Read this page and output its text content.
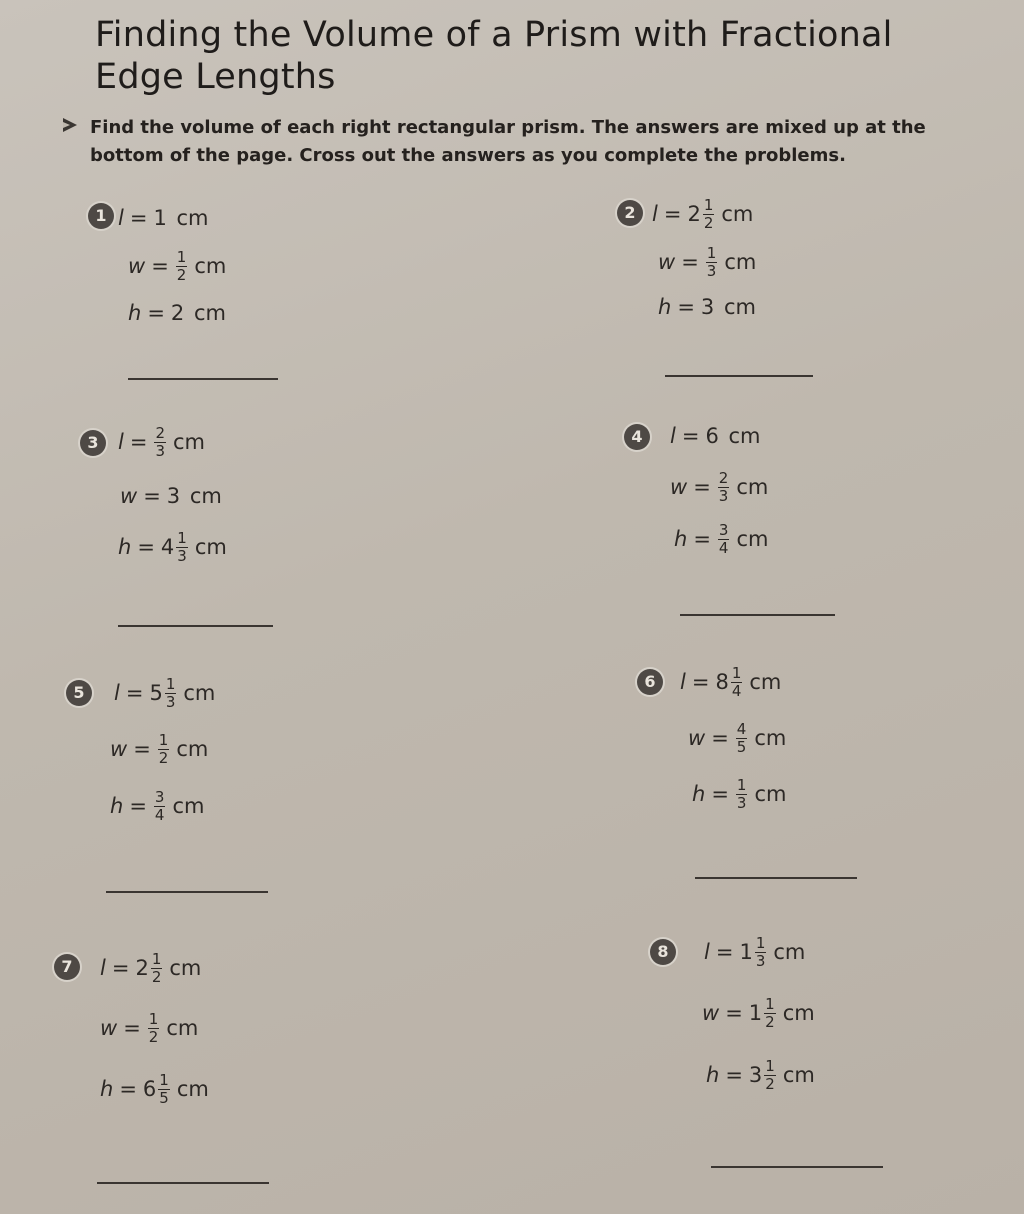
Finding the Volume of a Prism with Fractional Edge Lengths
Find the volume of each right rectangular prism. The answers are mixed up at the bottom of the page. Cross out the answers as you complete the problems.
1 l = 1
cm
$w = \frac{1}{2}$ cm
h = 2
cm
2 $l = 2 \frac{1}{2}$ cm
$w = \frac{1}{3}$ cm
h = 3
cm
3 $l = \frac{2}{3}$ cm
w = 3
cm
$h = 4 \frac{1}{3}$ cm
4	l = 6
cm
$w = \frac{2}{3}$ cm
$h = \frac{3}{4}$ cm
5	$l = 5 \frac{1}{3}$ cm
$w = \frac{1}{2}$ cm
$h = \frac{3}{4}$ cm
6	$l = 8 \frac{1}{4}$ cm
$w = \frac{4}{5}$ cm
$h = \frac{1}{3}$ cm
7	$l = 2 \frac{1}{2}$ cm
$w = \frac{1}{2}$ cm
$h = 6 \frac{1}{5}$ cm
8	$l = 1 \frac{1}{3}$ cm
$w = 1 \frac{1}{2}$ cm
$h = 3 \frac{1}{2}$ cm
